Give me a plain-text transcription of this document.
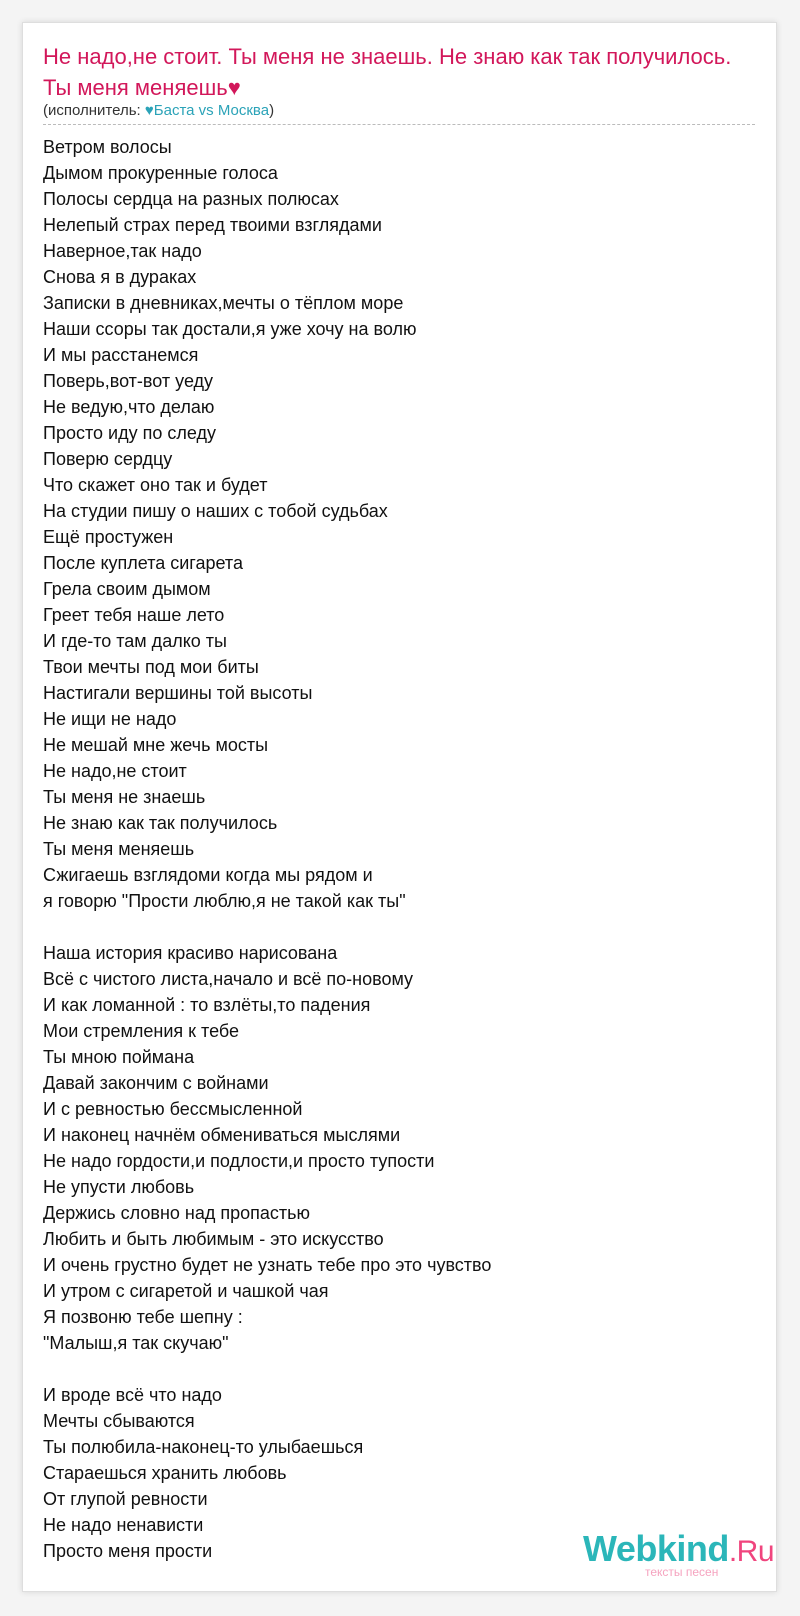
Не надо,не стоит. Ты меня не знаешь. Не знаю как так получилось. Ты меня меняешь♥
(исполнитель: ♥Баста vs Москва)
Ветром волосы
Дымом прокуренные голоса
Полосы сердца на разных полюсах
Нелепый страх перед твоими взглядами
Наверное,так надо
Снова я в дураках
Записки в дневниках,мечты о тёплом море
Наши ссоры так достали,я уже хочу на волю
И мы расстанемся
Поверь,вот-вот уеду
Не ведую,что делаю
Просто иду по следу
Поверю сердцу
Что скажет оно так и будет
На студии пишу о наших с тобой судьбах
Ещё простужен
После куплета сигарета
Грела своим дымом
Греет тебя наше лето
И где-то там далко ты
Твои мечты под мои биты
Настигали вершины той высоты
Не ищи не надо
Не мешай мне жечь мосты
Не надо,не стоит
Ты меня не знаешь
Не знаю как так получилось
Ты меня меняешь
Сжигаешь взглядоми когда мы рядом и
я говорю "Прости люблю,я не такой как ты"
Наша история красиво нарисована
Всё с чистого листа,начало и всё по-новому
И как ломанной : то взлёты,то падения
Мои стремления к тебе
Ты мною поймана
Давай закончим с войнами
И с ревностью бессмысленной
И наконец начнём обмениваться мыслями
Не надо гордости,и подлости,и просто тупости
Не упусти любовь
Держись словно над пропастью
Любить и быть любимым - это искусство
И очень грустно будет не узнать тебе про это чувство
И утром с сигаретой и чашкой чая
Я позвоню тебе шепну :
"Малыш,я так скучаю"
И вроде всё что надо
Мечты сбываются
Ты полюбила-наконец-то улыбаешься
Стараешься хранить любовь
От глупой ревности
Не надо ненависти
Просто меня прости	Webkind.Ru
тексты песен
